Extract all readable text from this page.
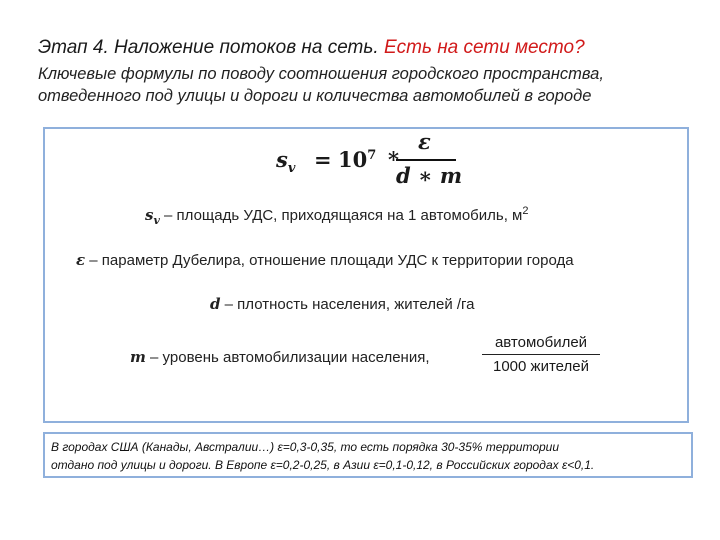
Этап 4. Наложение потоков на сеть. Есть на сети место?
Ключевые формулы по поводу соотношения городского пространства,
отведенного под улицы и дороги и количества автомобилей в городе
$s_v = 10^7$ *
ε
d ∗ m
$s_v$ – площадь УДС, приходящаяся на 1 автомобиль, $м^2$
ε – параметр Дубелира, отношение площади УДС к территории города
d – плотность населения, жителей /га
m – уровень автомобилизации населения,
автомобилей
1000 жителей
В городах США (Канады, Австралии…) ε=0,3-0,35, то есть порядка 30-35% территории
отдано под улицы и дороги. В Европе ε=0,2-0,25, в Азии ε=0,1-0,12, в Российских городах ε<0,1.
